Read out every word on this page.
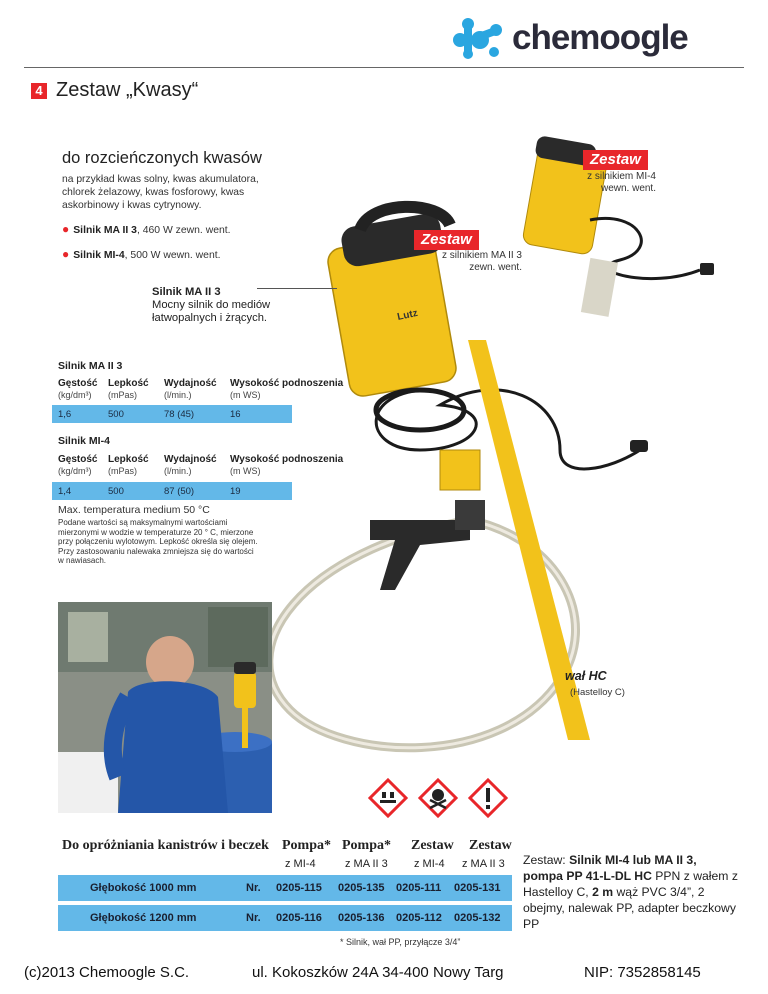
chemoogle
4 Zestaw „Kwasy“
do rozcieńczonych kwasów
na przykład kwas solny, kwas akumulatora, chlorek żelazowy, kwas fosforowy, kwas askorbinowy i kwas cytrynowy.
● Silnik MA II 3, 460 W zewn. went.
● Silnik MI-4, 500 W wewn. went.
Lutz
Zestaw
z silnikiem MI-4
wewn. went.
Zestaw
z silnikiem MA II 3
zewn. went.
Silnik MA II 3
Mocny silnik do mediów
łatwopalnych i żrących.
Silnik MA II 3
Gęstość Lepkość Wydajność Wysokość podnoszenia
(kg/dm³) (mPas)	(l/min.)	(m WS)
1,6	500	78 (45)	16
Silnik MI-4
Gęstość Lepkość Wydajność Wysokość podnoszenia
(kg/dm³) (mPas)	(l/min.)	(m WS)
1,4	500	87 (50)	19
Max. temperatura medium 50 °C
Podane wartości są maksymalnymi wartościami mierzonymi w wodzie w temperaturze 20 ° C, mierzone przy połączeniu wylotowym. Lepkość określa się olejem. Przy zastosowaniu nalewaka zmniejsza się do wartości w nawiasach.
wał HC
(Hastelloy C)
Do opróżniania kanistrów i beczek Pompa* Pompa* Zestaw Zestaw
z MI-4	z MA II 3 z MI-4 z MA II 3
Głębokość 1000 mm	Nr. 0205-115 0205-135 0205-111 0205-131
Głębokość 1200 mm	Nr. 0205-116 0205-136 0205-112 0205-132
* Silnik, wał PP, przyłącze 3/4”
Zestaw: Silnik MI-4 lub MA II 3, pompa PP 41-L-DL HC PPN z wałem z Hastelloy C, 2 m wąż PVC 3/4”, 2 obejmy, nalewak PP, adapter beczkowy PP
(c)2013 Chemoogle S.C.	ul. Kokoszków 24A 34-400 Nowy Targ	NIP: 7352858145
